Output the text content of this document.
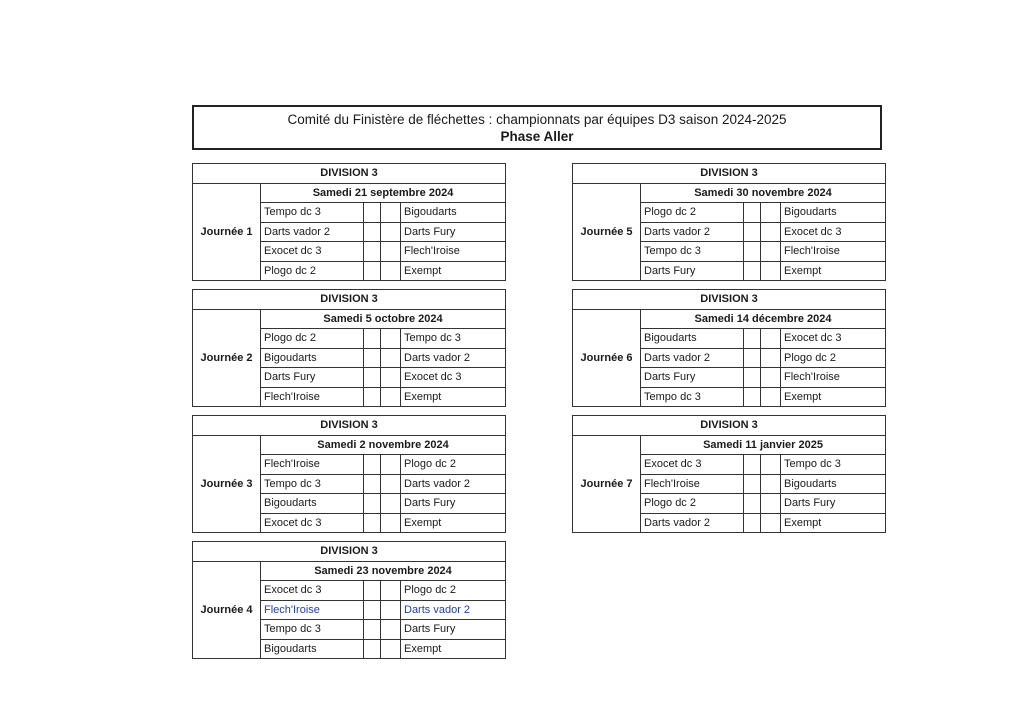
Comité du Finistère de fléchettes : championnats par équipes D3 saison 2024-2025
Phase Aller
DIVISION 3				
Journée 1	Samedi 21 septembre 2024			
	Tempo dc 3			Bigoudarts
	Darts vador 2			Darts Fury
	Exocet dc 3			Flech'Iroise
	Plogo dc 2			Exempt
DIVISION 3				
Journée 2	Samedi 5 octobre 2024			
	Plogo dc 2			Tempo dc 3
	Bigoudarts			Darts vador 2
	Darts Fury			Exocet dc 3
	Flech'Iroise			Exempt
DIVISION 3				
Journée 3	Samedi 2 novembre 2024			
	Flech'Iroise			Plogo dc 2
	Tempo dc 3			Darts vador 2
	Bigoudarts			Darts Fury
	Exocet dc 3			Exempt
DIVISION 3				
Journée 4	Samedi 23 novembre 2024			
	Exocet dc 3			Plogo dc 2
	Flech'Iroise			Darts vador 2
	Tempo dc 3			Darts Fury
	Bigoudarts			Exempt
DIVISION 3				
Journée 5	Samedi 30 novembre 2024			
	Plogo dc 2			Bigoudarts
	Darts vador 2			Exocet dc 3
	Tempo dc 3			Flech'Iroise
	Darts Fury			Exempt
DIVISION 3				
Journée 6	Samedi 14 décembre 2024			
	Bigoudarts			Exocet dc 3
	Darts vador 2			Plogo dc 2
	Darts Fury			Flech'Iroise
	Tempo dc 3			Exempt
DIVISION 3				
Journée 7	Samedi 11 janvier 2025			
	Exocet dc 3			Tempo dc 3
	Flech'Iroise			Bigoudarts
	Plogo dc 2			Darts Fury
	Darts vador 2			Exempt
